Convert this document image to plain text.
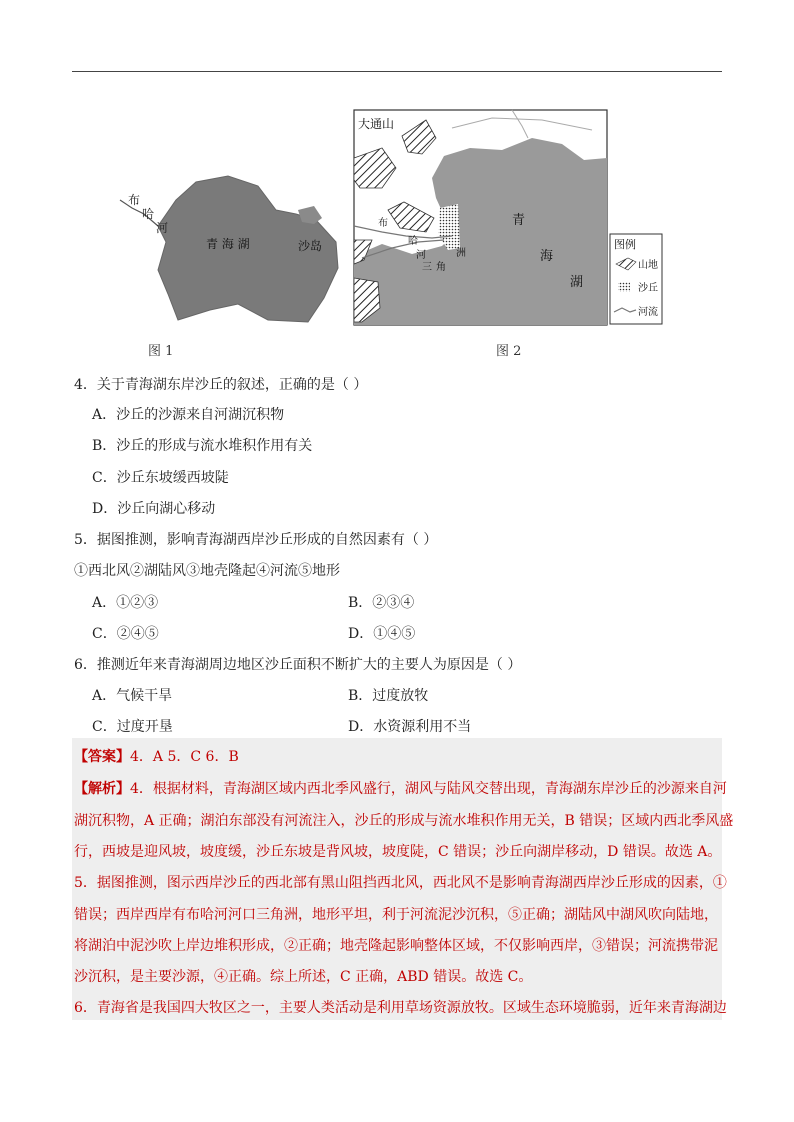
布
哈
河
青 海 湖	沙岛
图 1
大通山
布
哈
河
三 角
洲
青
海
湖
图例
山地
沙丘
河流
图 2
4．关于青海湖东岸沙丘的叙述，正确的是（ ）
A．沙丘的沙源来自河湖沉积物
B．沙丘的形成与流水堆积作用有关
C．沙丘东坡缓西坡陡
D．沙丘向湖心移动
5．据图推测，影响青海湖西岸沙丘形成的自然因素有（ ）
①西北风②湖陆风③地壳隆起④河流⑤地形
A．①②③	B．②③④
C．②④⑤	D．①④⑤
6．推测近年来青海湖周边地区沙丘面积不断扩大的主要人为原因是（ ）
A．气候干旱	B．过度放牧
C．过度开垦	D．水资源利用不当
【答案】4．A 5．C 6．B
【解析】4．根据材料，青海湖区域内西北季风盛行，湖风与陆风交替出现，青海湖东岸沙丘的沙源来自河
湖沉积物，A 正确；湖泊东部没有河流注入，沙丘的形成与流水堆积作用无关，B 错误；区域内西北季风盛
行，西坡是迎风坡，坡度缓，沙丘东坡是背风坡，坡度陡，C 错误；沙丘向湖岸移动，D 错误。故选 A。
5．据图推测，图示西岸沙丘的西北部有黑山阻挡西北风，西北风不是影响青海湖西岸沙丘形成的因素，①
错误；西岸西岸有布哈河河口三角洲，地形平坦，利于河流泥沙沉积，⑤正确；湖陆风中湖风吹向陆地，
将湖泊中泥沙吹上岸边堆积形成，②正确；地壳隆起影响整体区域，不仅影响西岸，③错误；河流携带泥
沙沉积，是主要沙源，④正确。综上所述，C 正确，ABD 错误。故选 C。
6．青海省是我国四大牧区之一，主要人类活动是利用草场资源放牧。区域生态环境脆弱，近年来青海湖边
